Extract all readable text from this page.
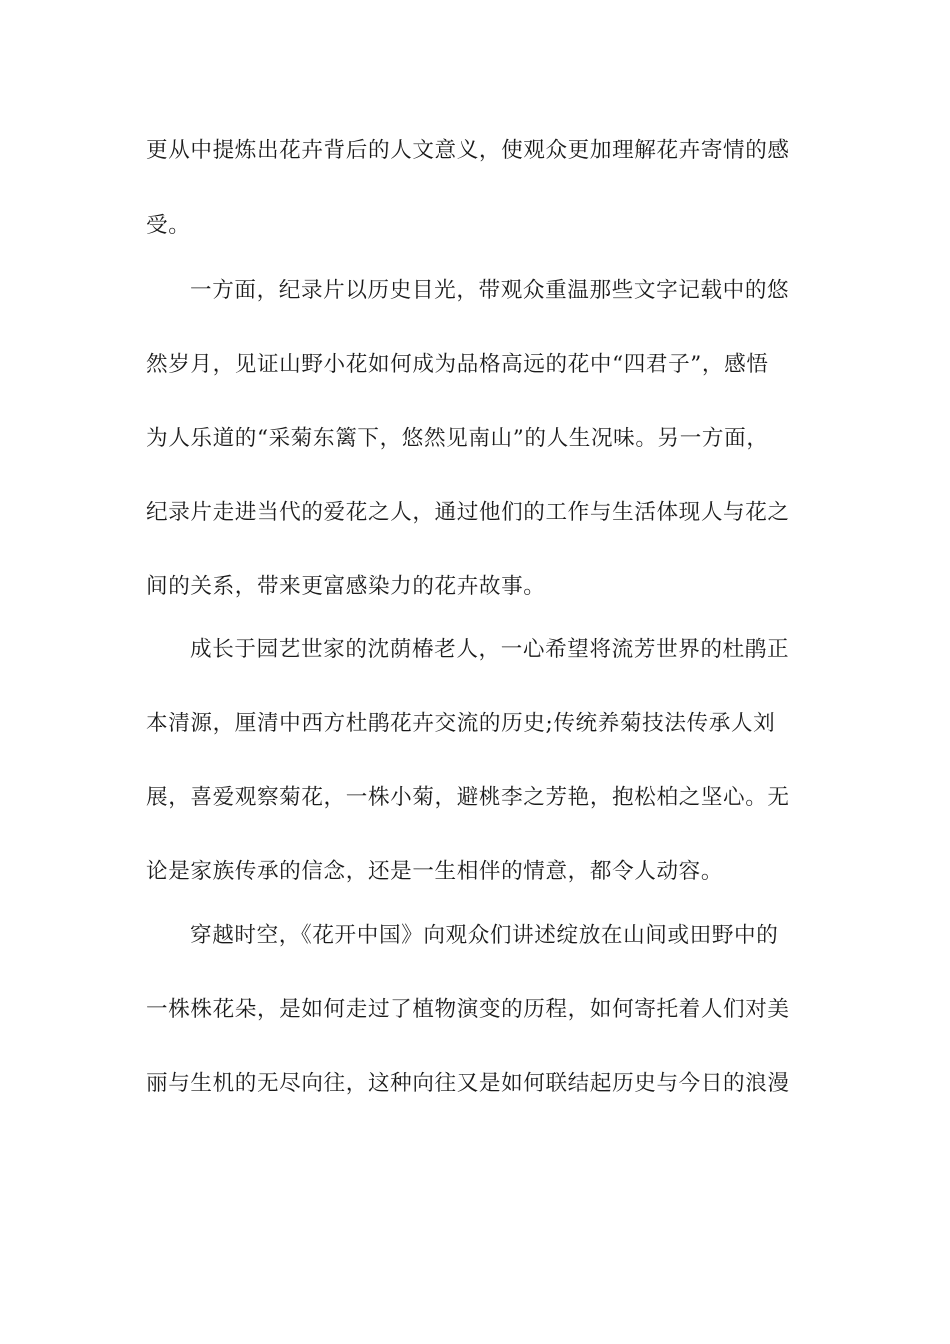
更从中提炼出花卉背后的人文意义，使观众更加理解花卉寄情的感
受。
一方面，纪录片以历史目光，带观众重温那些文字记载中的悠
然岁月，见证山野小花如何成为品格高远的花中“四君子”，感悟
为人乐道的“采菊东篱下，悠然见南山”的人生况味。另一方面，
纪录片走进当代的爱花之人，通过他们的工作与生活体现人与花之
间的关系，带来更富感染力的花卉故事。
成长于园艺世家的沈荫椿老人，一心希望将流芳世界的杜鹃正
本清源，厘清中西方杜鹃花卉交流的历史;传统养菊技法传承人刘
展，喜爱观察菊花，一株小菊，避桃李之芳艳，抱松柏之坚心。无
论是家族传承的信念，还是一生相伴的情意，都令人动容。
穿越时空，《花开中国》向观众们讲述绽放在山间或田野中的
一株株花朵，是如何走过了植物演变的历程，如何寄托着人们对美
丽与生机的无尽向往，这种向往又是如何联结起历史与今日的浪漫
